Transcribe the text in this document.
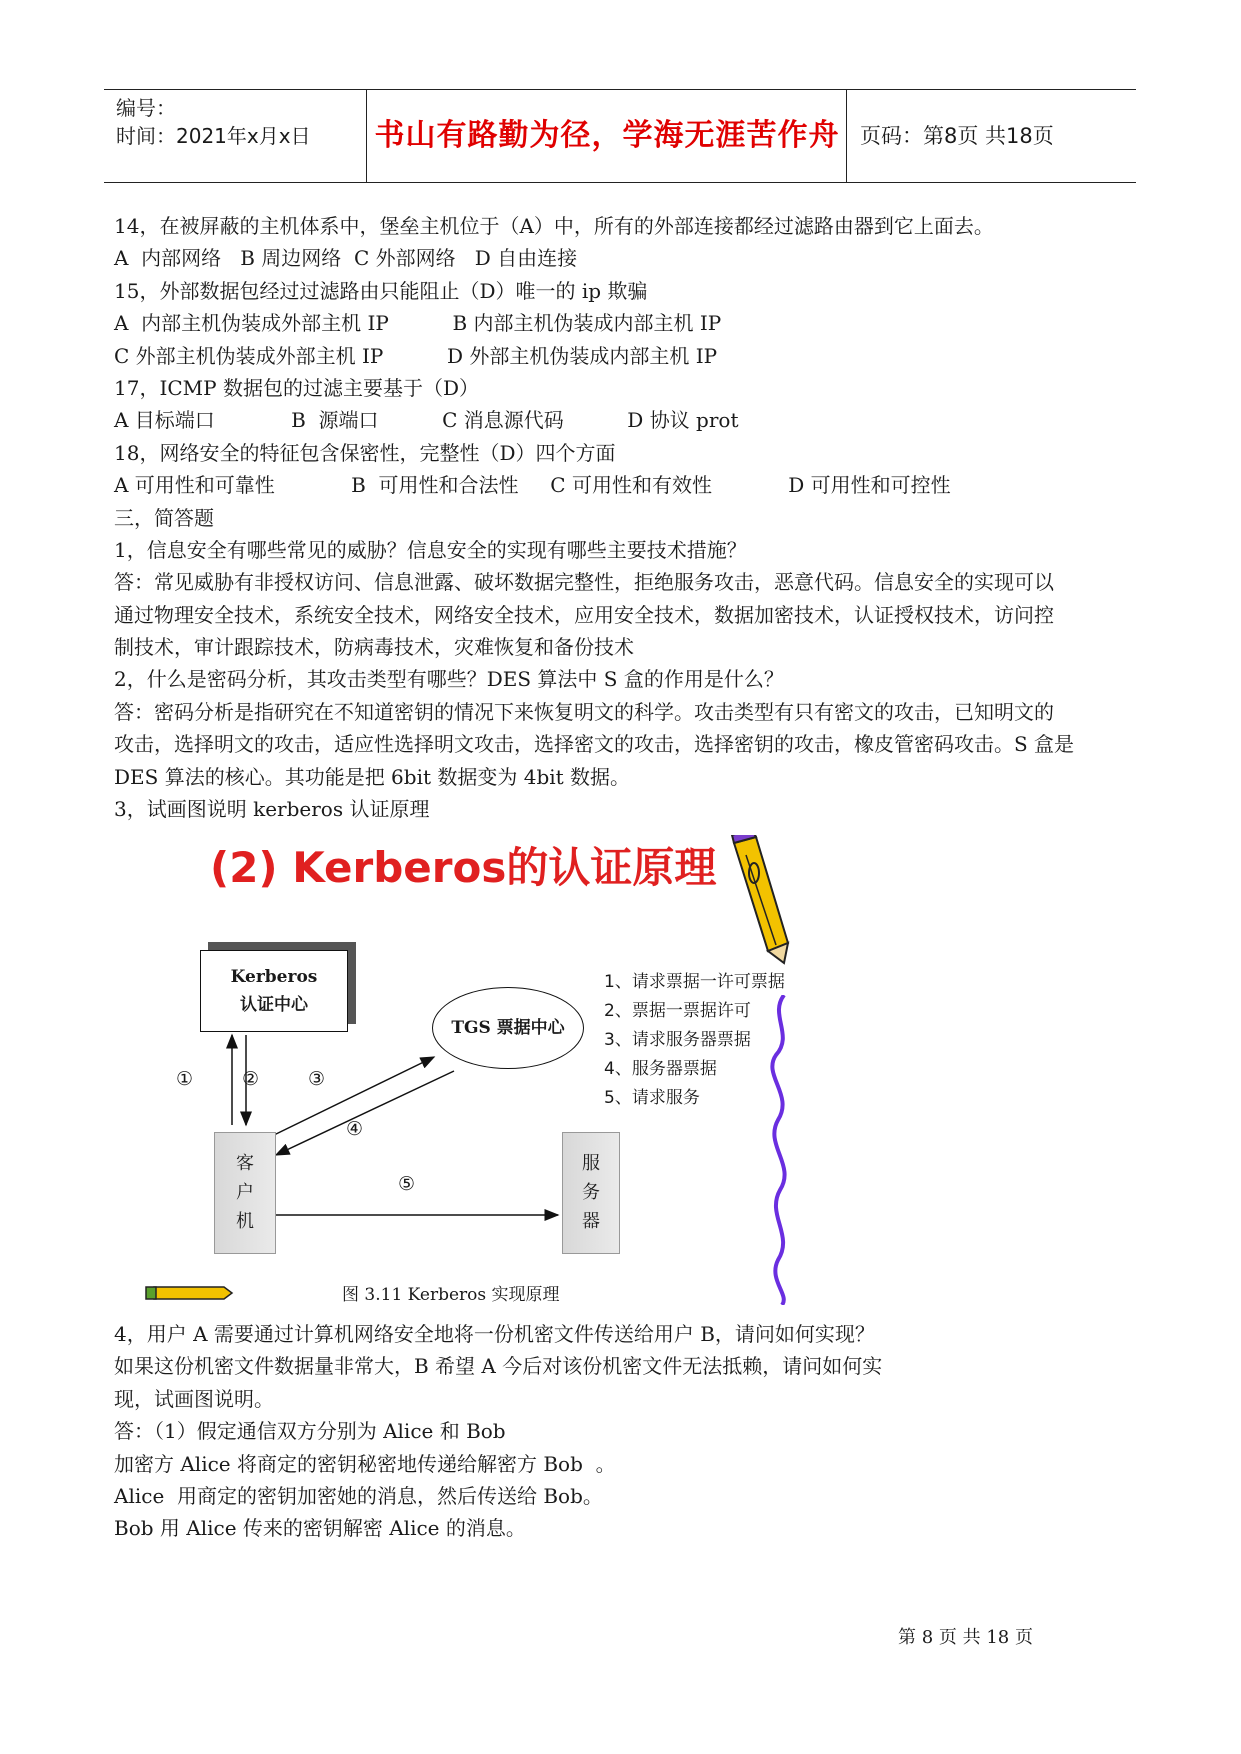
编号：
时间：2021年x月x日 书山有路勤为径，学海无涯苦作舟 页码：第8页 共18页
14，在被屏蔽的主机体系中，堡垒主机位于（A）中，所有的外部连接都经过滤路由器到它上面去。
A  内部网络   B 周边网络  C 外部网络   D 自由连接
15，外部数据包经过过滤路由只能阻止（D）唯一的 ip 欺骗
A  内部主机伪装成外部主机 IP          B 内部主机伪装成内部主机 IP
C 外部主机伪装成外部主机 IP          D 外部主机伪装成内部主机 IP
17，ICMP 数据包的过滤主要基于（D）
A 目标端口            B  源端口          C 消息源代码          D 协议 prot
18，网络安全的特征包含保密性，完整性（D）四个方面
A 可用性和可靠性            B  可用性和合法性     C 可用性和有效性            D 可用性和可控性
三，简答题
1，信息安全有哪些常见的威胁？信息安全的实现有哪些主要技术措施？
答：常见威胁有非授权访问、信息泄露、破坏数据完整性，拒绝服务攻击，恶意代码。信息安全的实现可以
通过物理安全技术，系统安全技术，网络安全技术，应用安全技术，数据加密技术，认证授权技术，访问控
制技术，审计跟踪技术，防病毒技术，灾难恢复和备份技术
2，什么是密码分析，其攻击类型有哪些？DES 算法中 S 盒的作用是什么？
答：密码分析是指研究在不知道密钥的情况下来恢复明文的科学。攻击类型有只有密文的攻击，已知明文的
攻击，选择明文的攻击，适应性选择明文攻击，选择密文的攻击，选择密钥的攻击，橡皮管密码攻击。S 盒是
DES 算法的核心。其功能是把 6bit 数据变为 4bit 数据。
3，试画图说明 kerberos 认证原理
(2) Kerberos的认证原理
Kerberos
认证中心
TGS 票据中心
①	②	③
④
⑤
客
户
机
服
务
器
1、请求票据一许可票据
2、票据一票据许可
3、请求服务器票据
4、服务器票据
5、请求服务
图 3.11 Kerberos 实现原理
4，用户 A 需要通过计算机网络安全地将一份机密文件传送给用户 B，请问如何实现？
如果这份机密文件数据量非常大，B 希望 A 今后对该份机密文件无法抵赖，请问如何实
现，试画图说明。
答：（1）假定通信双方分别为 Alice 和 Bob
加密方 Alice 将商定的密钥秘密地传递给解密方 Bob  。
Alice  用商定的密钥加密她的消息，然后传送给 Bob。
Bob 用 Alice 传来的密钥解密 Alice 的消息。
第 8 页 共 18 页
